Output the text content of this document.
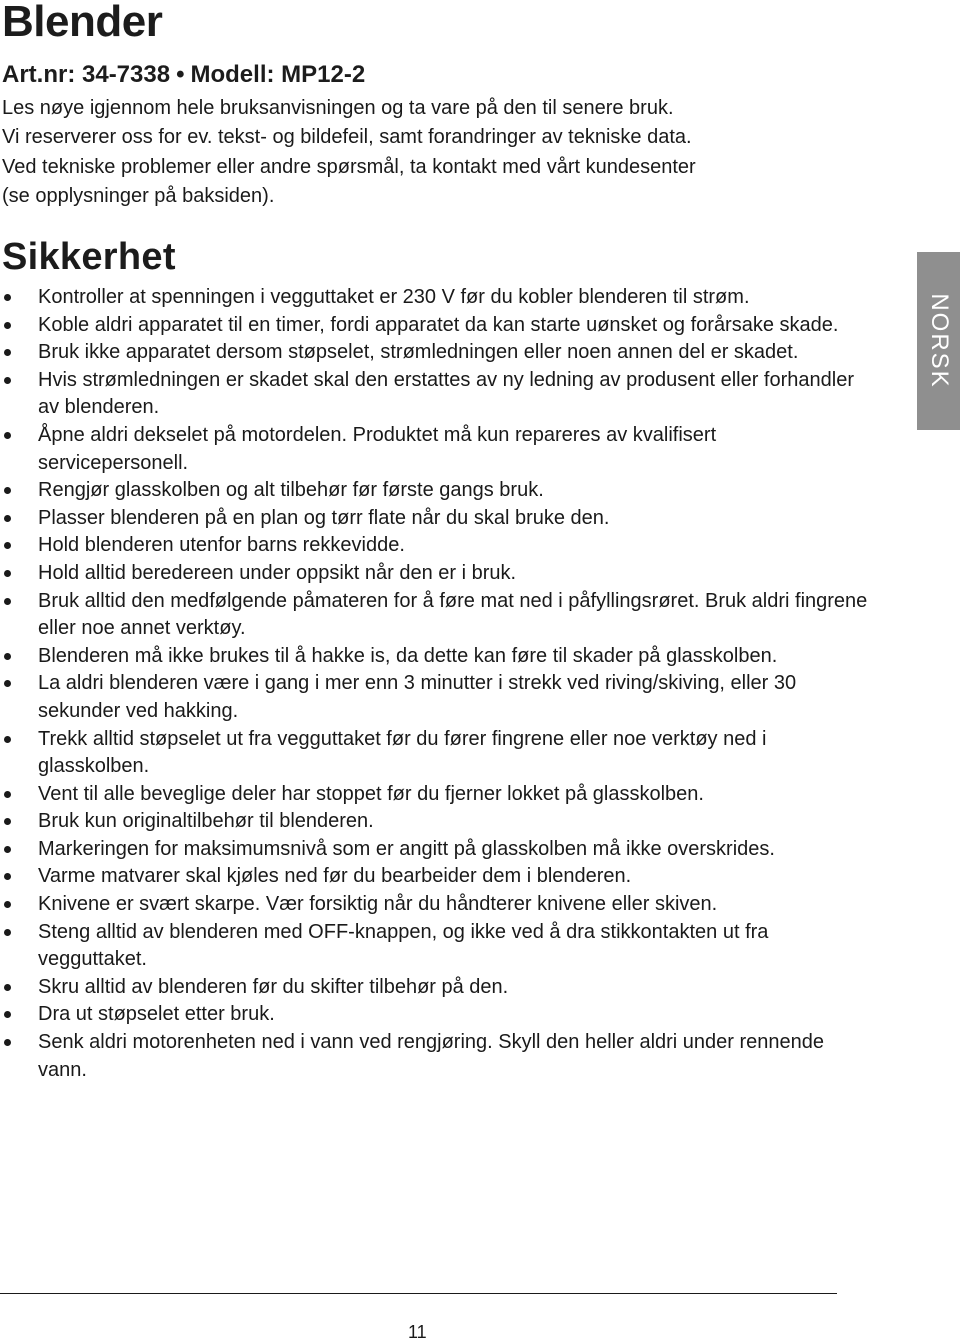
Blender

Art.nr: 34-7338 • Modell: MP12-2

Les nøye igjennom hele bruksanvisningen og ta vare på den til senere bruk.
Vi reserverer oss for ev. tekst- og bildefeil, samt forandringer av tekniske data.
Ved tekniske problemer eller andre spørsmål, ta kontakt med vårt kundesenter
(se opplysninger på baksiden).

Sikkerhet
Kontroller at spenningen i vegguttaket er 230 V før du kobler blenderen til strøm.
Koble aldri apparatet til en timer, fordi apparatet da kan starte uønsket og forårsake skade.
Bruk ikke apparatet dersom støpselet, strømledningen eller noen annen del er skadet.
Hvis strømledningen er skadet skal den erstattes av ny ledning av produsent eller forhandler av blenderen.
Åpne aldri dekselet på motordelen. Produktet må kun repareres av kvalifisert servicepersonell.
Rengjør glasskolben og alt tilbehør før første gangs bruk.
Plasser blenderen på en plan og tørr flate når du skal bruke den.
Hold blenderen utenfor barns rekkevidde.
Hold alltid beredereen under oppsikt når den er i bruk.
Bruk alltid den medfølgende påmateren for å føre mat ned i påfyllingsrøret. Bruk aldri fingrene eller noe annet verktøy.
Blenderen må ikke brukes til å hakke is, da dette kan føre til skader på glasskolben.
La aldri blenderen være i gang i mer enn 3 minutter i strekk ved riving/skiving, eller 30 sekunder ved hakking.
Trekk alltid støpselet ut fra vegguttaket før du fører fingrene eller noe verktøy ned i glasskolben.
Vent til alle beveglige deler har stoppet før du fjerner lokket på glasskolben.
Bruk kun originaltilbehør til blenderen.
Markeringen for maksimumsnivå som er angitt på glasskolben må ikke overskrides.
Varme matvarer skal kjøles ned før du bearbeider dem i blenderen.
Knivene er svært skarpe. Vær forsiktig når du håndterer knivene eller skiven.
Steng alltid av blenderen med OFF-knappen, og ikke ved å dra stikkontakten ut fra vegguttaket.
Skru alltid av blenderen før du skifter tilbehør på den.
Dra ut støpselet etter bruk.
Senk aldri motorenheten ned i vann ved rengjøring. Skyll den heller aldri under rennende vann.
NORSK
11
